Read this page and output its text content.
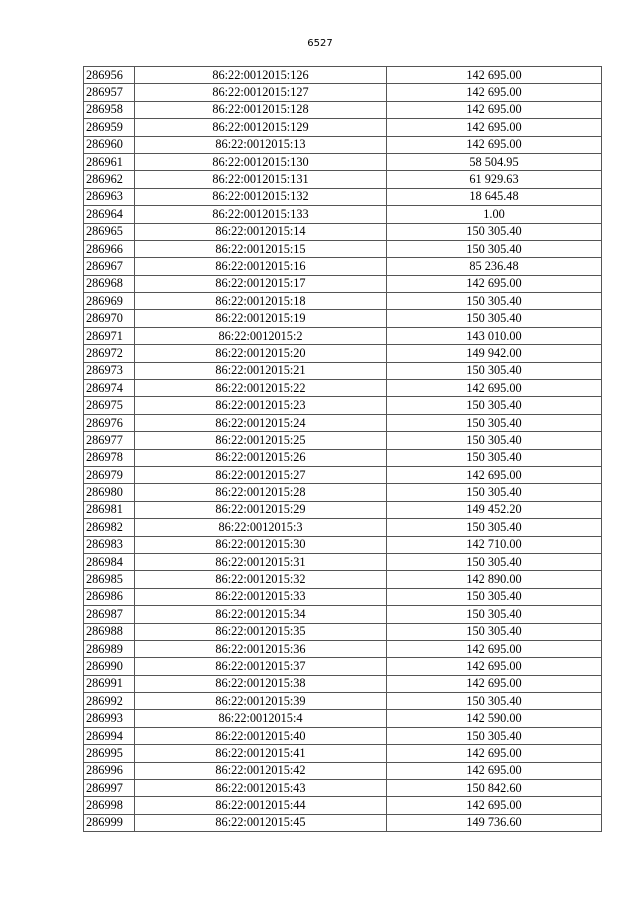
6527
286956	86:22:0012015:126	142 695.00
286957	86:22:0012015:127	142 695.00
286958	86:22:0012015:128	142 695.00
286959	86:22:0012015:129	142 695.00
286960	86:22:0012015:13	142 695.00
286961	86:22:0012015:130	58 504.95
286962	86:22:0012015:131	61 929.63
286963	86:22:0012015:132	18 645.48
286964	86:22:0012015:133	1.00
286965	86:22:0012015:14	150 305.40
286966	86:22:0012015:15	150 305.40
286967	86:22:0012015:16	85 236.48
286968	86:22:0012015:17	142 695.00
286969	86:22:0012015:18	150 305.40
286970	86:22:0012015:19	150 305.40
286971	86:22:0012015:2	143 010.00
286972	86:22:0012015:20	149 942.00
286973	86:22:0012015:21	150 305.40
286974	86:22:0012015:22	142 695.00
286975	86:22:0012015:23	150 305.40
286976	86:22:0012015:24	150 305.40
286977	86:22:0012015:25	150 305.40
286978	86:22:0012015:26	150 305.40
286979	86:22:0012015:27	142 695.00
286980	86:22:0012015:28	150 305.40
286981	86:22:0012015:29	149 452.20
286982	86:22:0012015:3	150 305.40
286983	86:22:0012015:30	142 710.00
286984	86:22:0012015:31	150 305.40
286985	86:22:0012015:32	142 890.00
286986	86:22:0012015:33	150 305.40
286987	86:22:0012015:34	150 305.40
286988	86:22:0012015:35	150 305.40
286989	86:22:0012015:36	142 695.00
286990	86:22:0012015:37	142 695.00
286991	86:22:0012015:38	142 695.00
286992	86:22:0012015:39	150 305.40
286993	86:22:0012015:4	142 590.00
286994	86:22:0012015:40	150 305.40
286995	86:22:0012015:41	142 695.00
286996	86:22:0012015:42	142 695.00
286997	86:22:0012015:43	150 842.60
286998	86:22:0012015:44	142 695.00
286999	86:22:0012015:45	149 736.60
